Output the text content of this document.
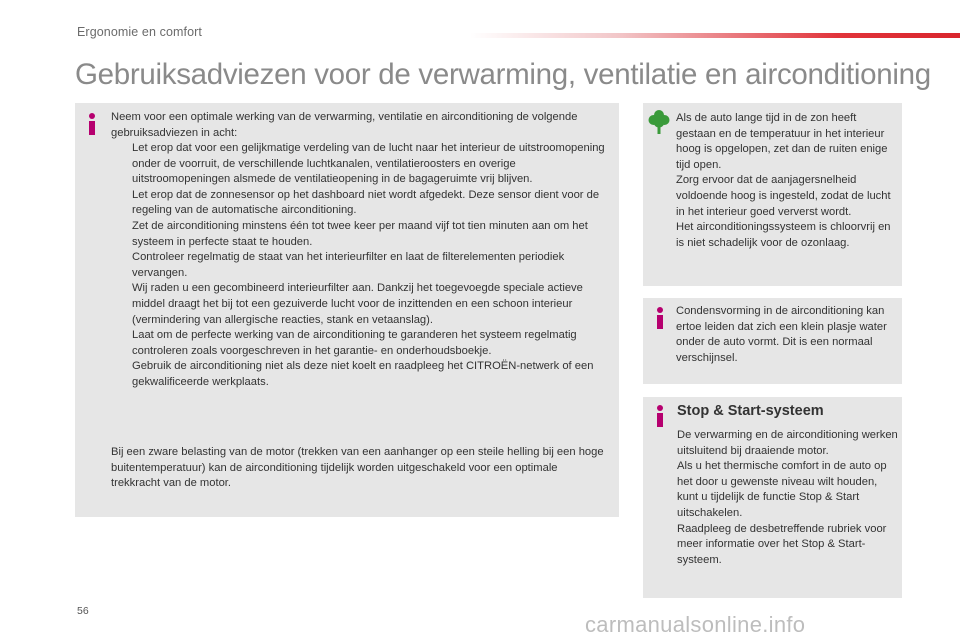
Ergonomie en comfort
Gebruiksadviezen voor de verwarming, ventilatie en airconditioning
Neem voor een optimale werking van de verwarming, ventilatie en airconditioning de volgende gebruiksadviezen in acht:
Let erop dat voor een gelijkmatige verdeling van de lucht naar het interieur de uitstroomopening onder de voorruit, de verschillende luchtkanalen, ventilatieroosters en overige uitstroomopeningen alsmede de ventilatieopening in de bagageruimte vrij blijven.
Let erop dat de zonnesensor op het dashboard niet wordt afgedekt. Deze sensor dient voor de regeling van de automatische airconditioning.
Zet de airconditioning minstens één tot twee keer per maand vijf tot tien minuten aan om het systeem in perfecte staat te houden.
Controleer regelmatig de staat van het interieurfilter en laat de filterelementen periodiek vervangen.
Wij raden u een gecombineerd interieurfilter aan. Dankzij het toegevoegde speciale actieve middel draagt het bij tot een gezuiverde lucht voor de inzittenden en een schoon interieur (vermindering van allergische reacties, stank en vetaanslag).
Laat om de perfecte werking van de airconditioning te garanderen het systeem regelmatig controleren zoals voorgeschreven in het garantie- en onderhoudsboekje.
Gebruik de airconditioning niet als deze niet koelt en raadpleeg het CITROËN-netwerk of een gekwalificeerde werkplaats.
Bij een zware belasting van de motor (trekken van een aanhanger op een steile helling bij een hoge buitentemperatuur) kan de airconditioning tijdelijk worden uitgeschakeld voor een optimale trekkracht van de motor.
Als de auto lange tijd in de zon heeft gestaan en de temperatuur in het interieur hoog is opgelopen, zet dan de ruiten enige tijd open.
Zorg ervoor dat de aanjagersnelheid voldoende hoog is ingesteld, zodat de lucht in het interieur goed ververst wordt.
Het airconditioningssysteem is chloorvrij en is niet schadelijk voor de ozonlaag.
Condensvorming in de airconditioning kan ertoe leiden dat zich een klein plasje water onder de auto vormt. Dit is een normaal verschijnsel.
Stop & Start-systeem
De verwarming en de airconditioning werken uitsluitend bij draaiende motor.
Als u het thermische comfort in de auto op het door u gewenste niveau wilt houden, kunt u tijdelijk de functie Stop & Start uitschakelen.
Raadpleeg de desbetreffende rubriek voor meer informatie over het Stop & Start-systeem.
56
carmanualsonline.info
